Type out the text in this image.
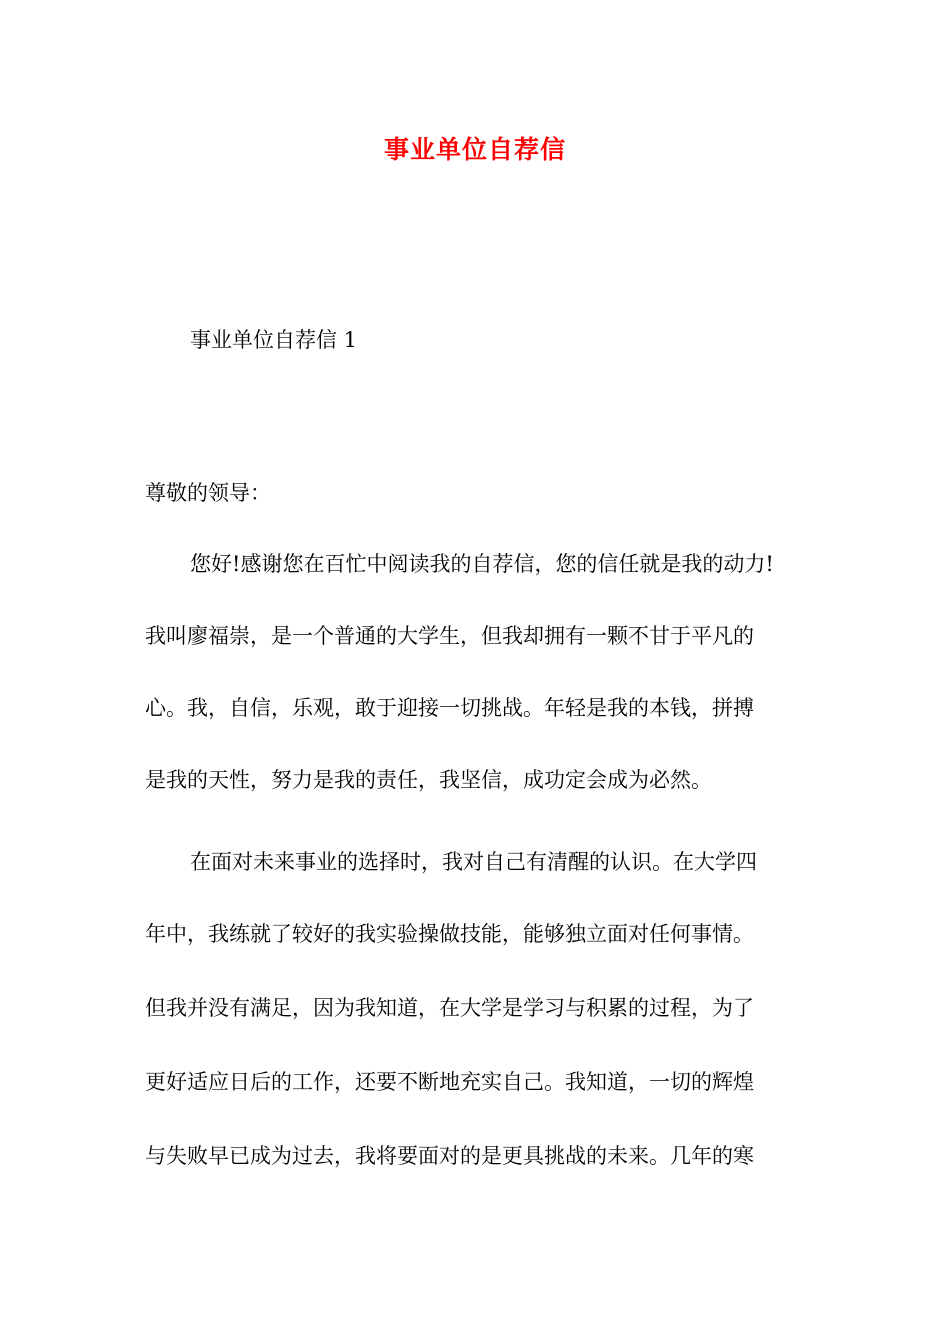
事业单位自荐信
事业单位自荐信 1
尊敬的领导：
您好!感谢您在百忙中阅读我的自荐信，您的信任就是我的动力!
我叫廖福崇，是一个普通的大学生，但我却拥有一颗不甘于平凡的
心。我，自信，乐观，敢于迎接一切挑战。年轻是我的本钱，拼搏
是我的天性，努力是我的责任，我坚信，成功定会成为必然。
在面对未来事业的选择时，我对自己有清醒的认识。在大学四
年中，我练就了较好的我实验操做技能，能够独立面对任何事情。
但我并没有满足，因为我知道，在大学是学习与积累的过程，为了
更好适应日后的工作，还要不断地充实自己。我知道，一切的辉煌
与失败早已成为过去，我将要面对的是更具挑战的未来。几年的寒
